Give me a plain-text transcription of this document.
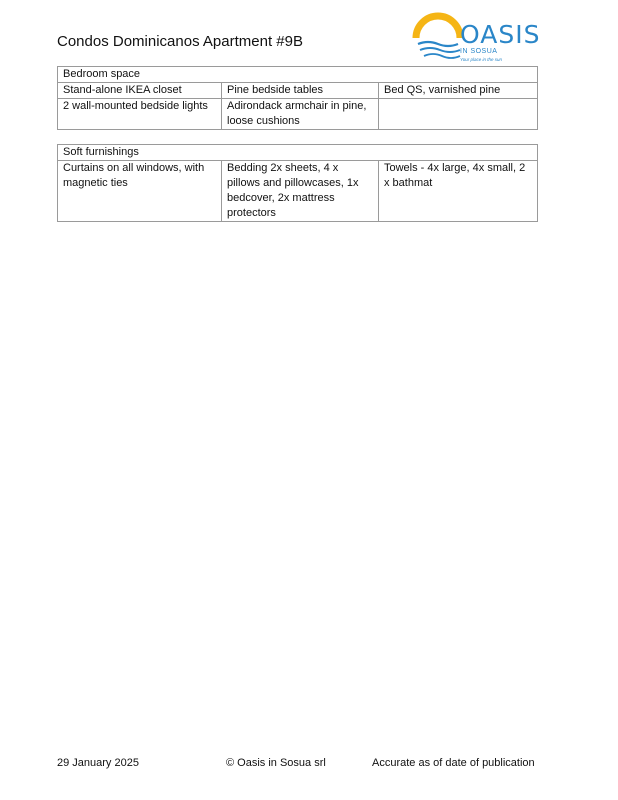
Condos Dominicanos Apartment #9B	OASIS
IN SOSUA
Your place in the sun
Bedroom space		
Stand-alone IKEA closet	Pine bedside tables	Bed QS, varnished pine
2 wall-mounted bedside lights	Adirondack armchair in pine, loose cushions	
Soft furnishings
Curtains on all windows, with magnetic ties	Bedding 2x sheets, 4 x pillows and pillowcases, 1x bedcover, 2x mattress protectors	Towels - 4x large, 4x small, 2 x bathmat
29 January 2025	© Oasis in Sosua srl	Accurate as of date of publication
